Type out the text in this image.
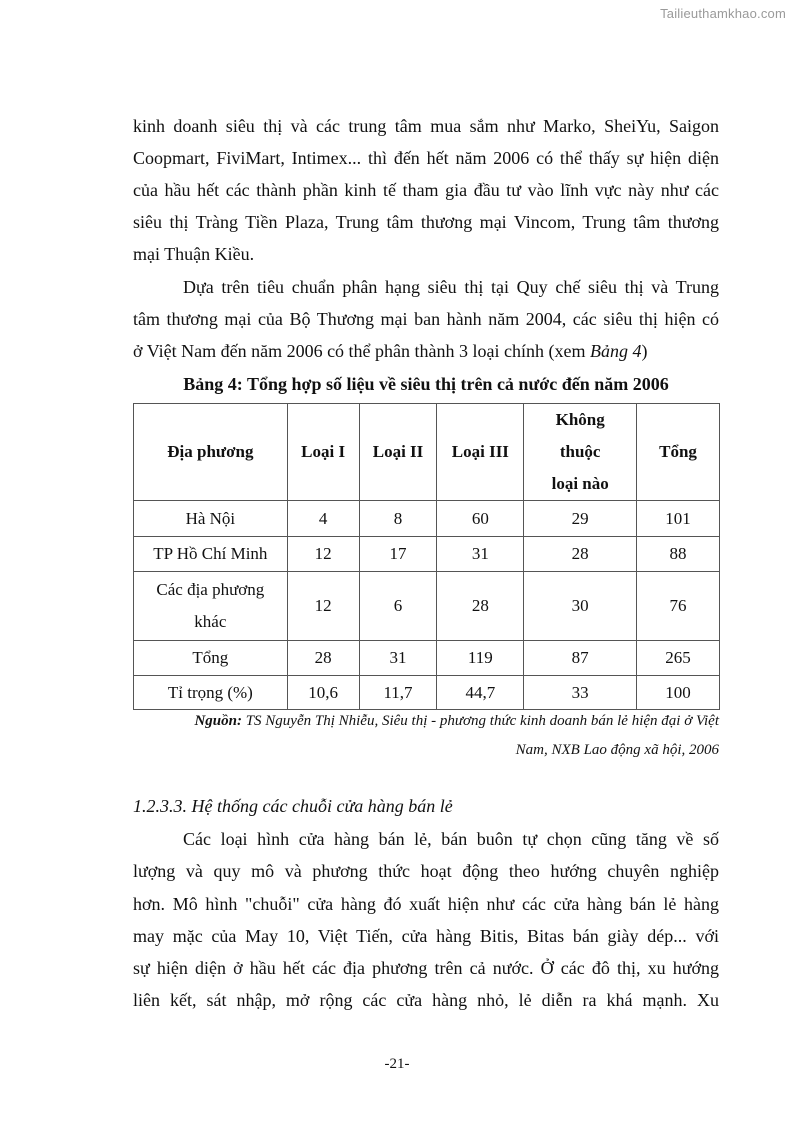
Tailieuthamkhao.com
kinh doanh siêu thị và các trung tâm mua sắm như Marko, SheiYu, Saigon
Coopmart, FiviMart, Intimex... thì đến hết năm 2006 có thể thấy sự hiện diện
của hầu hết các thành phần kinh tế tham gia đầu tư vào lĩnh vực này như các
siêu thị Tràng Tiền Plaza, Trung tâm thương mại Vincom, Trung tâm thương
mại Thuận Kiều.
Dựa trên tiêu chuẩn phân hạng siêu thị tại Quy chế siêu thị và Trung
tâm thương mại của Bộ Thương mại ban hành năm 2004, các siêu thị hiện có
ở Việt Nam đến năm 2006 có thể phân thành 3 loại chính (xem Bảng 4)
Bảng 4: Tổng hợp số liệu về siêu thị trên cả nước đến năm 2006
Địa phương	Loại I	Loại II	Loại III	Không
thuộc
loại nào	Tổng
Hà Nội	4	8	60	29	101
TP Hồ Chí Minh	12	17	31	28	88

Các địa phương
khác	12	6	28	30	76
Tổng	28	31	119	87	265
Tỉ trọng (%)	10,6	11,7	44,7	33	100
Nguồn: TS Nguyễn Thị Nhiễu, Siêu thị - phương thức kinh doanh bán lẻ hiện đại ở Việt
Nam, NXB Lao động xã hội, 2006
1.2.3.3. Hệ thống các chuỗi cửa hàng bán lẻ
Các loại hình cửa hàng bán lẻ, bán buôn tự chọn cũng tăng về số
lượng và quy mô và phương thức hoạt động theo hướng chuyên nghiệp
hơn. Mô hình "chuỗi" cửa hàng đó xuất hiện như các cửa hàng bán lẻ hàng
may mặc của May 10, Việt Tiến, cửa hàng Bitis, Bitas bán giày dép... với
sự hiện diện ở hầu hết các địa phương trên cả nước. Ở các đô thị, xu hướng
liên kết, sát nhập, mở rộng các cửa hàng nhỏ, lẻ diễn ra khá mạnh. Xu
-21-
